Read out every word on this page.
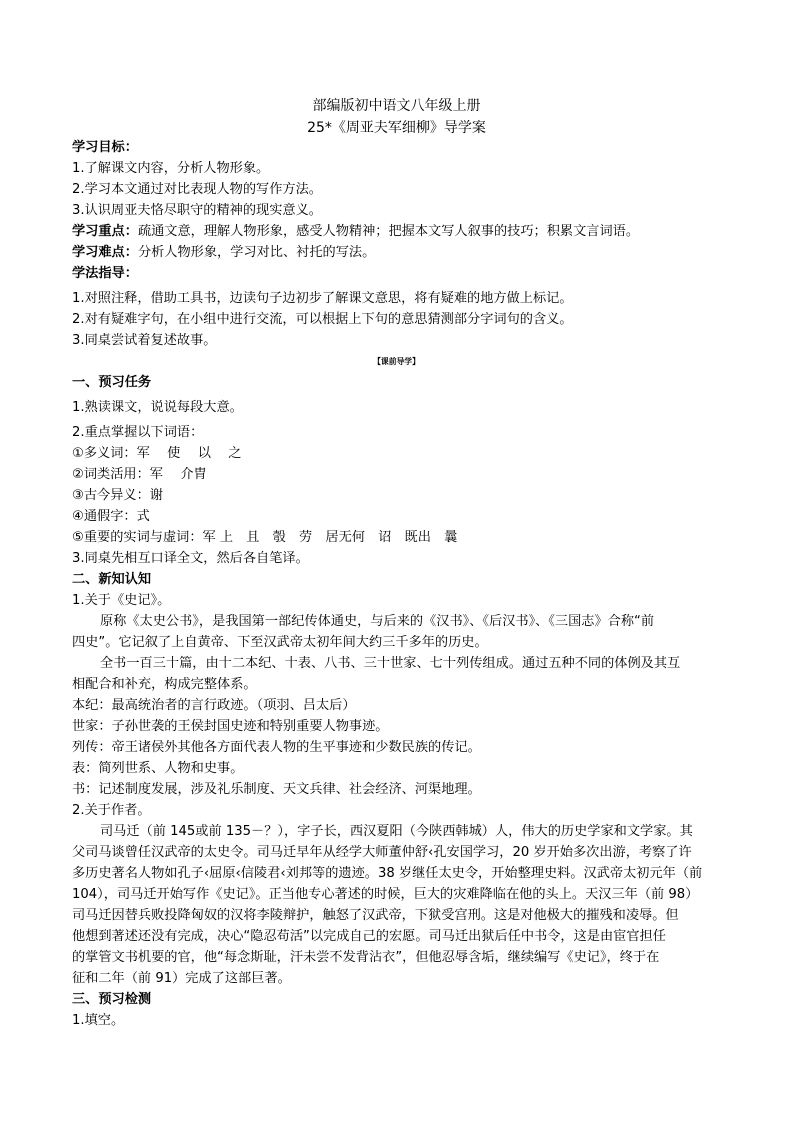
部编版初中语文八年级上册
25*《周亚夫军细柳》导学案
学习目标：
1.了解课文内容，分析人物形象。
2.学习本文通过对比表现人物的写作方法。
3.认识周亚夫恪尽职守的精神的现实意义。
学习重点：疏通文意，理解人物形象，感受人物精神；把握本文写人叙事的技巧；积累文言词语。
学习难点：分析人物形象，学习对比、衬托的写法。
学法指导：
1.对照注释，借助工具书，边读句子边初步了解课文意思，将有疑难的地方做上标记。
2.对有疑难字句，在小组中进行交流，可以根据上下句的意思猜测部分字词句的含义。
3.同桌尝试着复述故事。
【课前导学】
一、预习任务
1.熟读课文，说说每段大意。
2.重点掌握以下词语：
①多义词：军　 使　 以　 之
②词类活用：军　 介胄
③古今异义：谢
④通假字：式
⑤重要的实词与虚词：军 上　且　彀　劳　居无何　诏　既出　曩
3.同桌先相互口译全文，然后各自笔译。
二、新知认知
1.关于《史记》。
原称《太史公书》，是我国第一部纪传体通史，与后来的《汉书》、《后汉书》、《三国志》合称“前
四史”。它记叙了上自黄帝、下至汉武帝太初年间大约三千多年的历史。
全书一百三十篇，由十二本纪、十表、八书、三十世家、七十列传组成。通过五种不同的体例及其互
相配合和补充，构成完整体系。
本纪：最高统治者的言行政迹。（项羽、吕太后）
世家：子孙世袭的王侯封国史迹和特别重要人物事迹。
列传：帝王诸侯外其他各方面代表人物的生平事迹和少数民族的传记。
表：简列世系、人物和史事。
书：记述制度发展，涉及礼乐制度、天文兵律、社会经济、河渠地理。
2.关于作者。
司马迁（前 145或前 135－？），字子长，西汉夏阳（今陕西韩城）人，伟大的历史学家和文学家。其
父司马谈曾任汉武帝的太史令。司马迁早年从经学大师董仲舒‹孔安国学习，20 岁开始多次出游，考察了许
多历史著名人物如孔子‹屈原‹信陵君‹刘邦等的遗迹。38 岁继任太史令，开始整理史料。汉武帝太初元年（前
104），司马迁开始写作《史记》。正当他专心著述的时候，巨大的灾难降临在他的头上。天汉三年（前 98）
司马迁因替兵败投降匈奴的汉将李陵辩护，触怒了汉武帝，下狱受宫刑。这是对他极大的摧残和凌辱。但
他想到著述还没有完成，决心“隐忍苟活”以完成自己的宏愿。司马迁出狱后任中书令，这是由宦官担任
的掌管文书机要的官，他“每念斯耻，汗未尝不发背沾衣”，但他忍辱含垢，继续编写《史记》，终于在
征和二年（前 91）完成了这部巨著。
三、预习检测
1.填空。
